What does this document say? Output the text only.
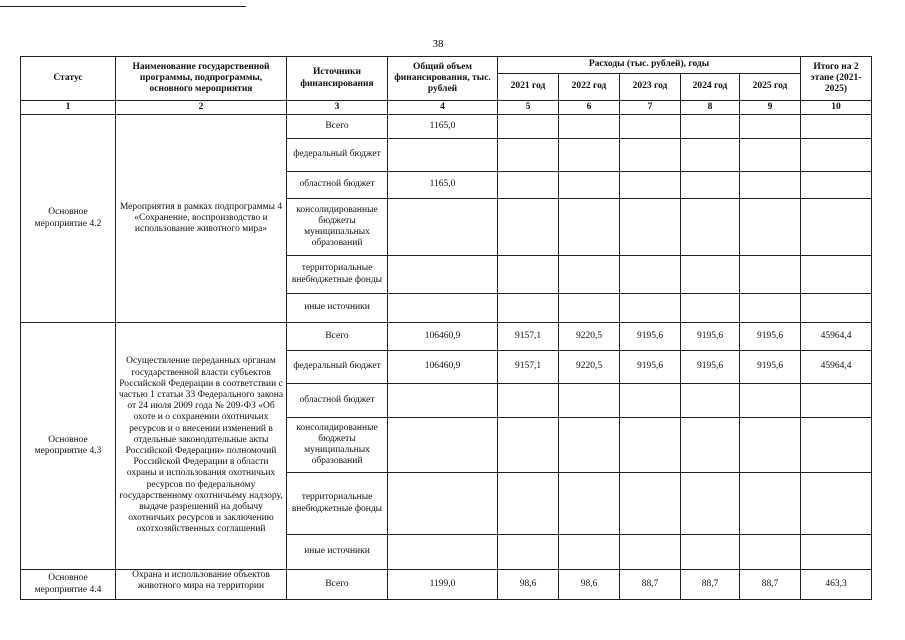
38
Статус	Наименование государственной программы, подпрограммы, основного мероприятия	Источники финансирования	Общий объем финансирования, тыс. рублей	Расходы (тыс. рублей), годы					Итого на 2 этапе (2021-2025)
				2021 год	2022 год	2023 год	2024 год	2025 год	
1	2	3	4	5	6	7	8	9	10
Основное мероприятие 4.2	Мероприятия в рамках подпрограммы 4 «Сохранение, воспроизводство и использование животного мира»	Всего	1165,0						
		федеральный бюджет							
		областной бюджет	1165,0						
		консолидированные бюджеты муниципальных образований							
		территориальные внебюджетные фонды							
		иные источники							
Основное мероприятие 4.3	Осуществление переданных органам государственной власти субъектов Российской Федерации в соответствии с частью 1 статьи 33 Федерального закона от 24 июля 2009 года № 209-ФЗ «Об охоте и о сохранении охотничьих ресурсов и о внесении изменений в отдельные законодательные акты Российской Федерации» полномочий Российской Федерации в области охраны и использования охотничьих ресурсов по федеральному государственному охотничьему надзору, выдаче разрешений на добычу охотничьих ресурсов и заключению охотхозяйственных соглашений	Всего	106460,9	9157,1	9220,5	9195,6	9195,6	9195,6	45964,4
		федеральный бюджет	106460,9	9157,1	9220,5	9195,6	9195,6	9195,6	45964,4
		областной бюджет							
		консолидированные бюджеты муниципальных образований							
		территориальные внебюджетные фонды							
		иные источники							
Основное мероприятие 4.4	Охрана и использование объектов животного мира на территории	Всего	1199,0	98,6	98,6	88,7	88,7	88,7	463,3
